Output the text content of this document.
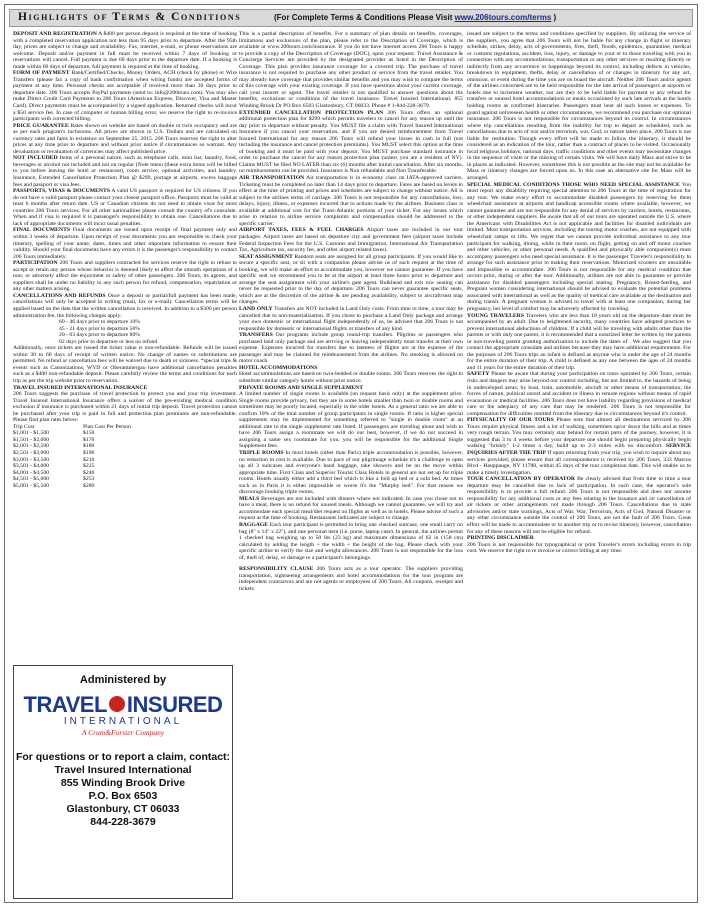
Highlights of Terms & Conditions	(For Complete Terms & Conditions Please Visit www.206tours.com/terms )

DEPOSIT AND REGISTRATION A $400 per person deposit is required at the time of booking with a completed reservation application not less than 95 days prior to departure. After the 95th day, prices are subject to change and availability. Fax, internet, e-mail, or phone reservations are welcome. Deposit and/or payment in full must be received within 7 days of booking or reservations will cancel. Full payment is due 60 days prior to the departure date. If a booking is made within 60 days of departure, full payment is required at the time of booking.

FORM OF PAYMENT Bank/Certified/Checks, Money Orders, ACH (check by phone) or Wire Transfers (please fax a copy of bank confirmation when wiring funds) are accepted forms of payment at any time. Personal checks are acceptable if received more than 30 days prior to departure date. 206 Tours accepts PayPal payments (send to: info@206tours.com). You may also make Direct Credit Card Payments to 206 Tours (American Express, Discover, Visa and Master Card). Direct payments must be accompanied by a signed application. Returned checks will incur a $50 service fee. In case of computer or human billing error, we reserve the right to re-invoice participants with corrected billing.

PRICE GUARANTEE Rates shown on website are based on double or twin occupancy and are as per each program's inclusions. All prices are shown in U.S. Dollars and are calculated on currency rates and fares in existence on September 25, 2015. 206 Tours reserves the right to alter prices at any time prior to departure and without prior notice if circumstances so warrant. Any devaluation or revaluation of currencies may affect published price.

NOT INCLUDED Items of a personal nature, such as telephone calls, mini bar, laundry, food, beverages or alcohol not included and not on regular (Note menu (these extra items will be billed to you before leaving the hotel or restaurant), room service, optional activities, and laundry. Insurance, Extended Cancellation Protection Plan @ $299, portage at airports, excess baggage fees and passport or visa fees.

PASSPORTS, VISAS & DOCUMENTS A valid US passport is required for US citizens. If you do not have a valid passport please contact your closest passport office. Passports must be valid at least 6 months after return date. US or Canadian citizens do not need to obtain visas for most countries 206 Tours services. For all other nationalities please consult the country of's consulate. When and if visa is required it is passenger's responsibility to obtain one. Cancellations due to lack of appropriate documents will incur usual penalties.

FINAL DOCUMENTS Final documents are issued upon receipt of final payment only and within 3 weeks of departure. Upon receipt of your documents you are responsible to check your itinerary, spelling of your name, dates, times and other important information to ensure their validity. Should your final documents have any errors it is the passenger's responsibility to contact 206 Tours immediately.

PARTICIPATION 206 Tours and suppliers contracted for services reserve the right to refuse to accept or retain any person whose behavior is deemed likely to affect the smooth operations of a tour, or adversely affect the enjoyment or safety of other passengers. 206 Tours, its agents, and suppliers shall be under no liability to any such person for refund, compensation, repatriation or any other matters arising.

CANCELLATIONS AND REFUNDS Once a deposit or partial/full payment has been made, cancellations will only be accepted in writing (mail, fax or e-mail). Cancellation terms will be applied based on the date that the written cancellation is received. In addition to a $300 per person administration fee, the following charges apply:

60 - 46 days prior to departure 10%
45 - 21 days prior to departure 50%
20 - 03 days prior to departure 80%
02 days prior to departure or less no refund

Additionally, once tickets are issued the ticket value is non-refundable. Refunds will be issued within 30 to 60 days of receipt of written notice. No change of names or substitutions are permitted. No refund or cancellation fees will be waived due to death or sickness. *special trips & events such as Canonizations, WYD or Oberammergau have additional cancellation penalties such as a $400 non-refundable deposit. Please carefully review the terms and conditions for each trip as per the trip website prior to reservation.

TRAVEL INSURED INTERNATIONAL INSURANCE
206 Tours suggests the purchase of travel protection to protect you and your trip investment. Travel Insured International Insurance offers a waiver of the pre-existing medical condition exclusion if insurance is purchased within 21 days of initial trip deposit. Travel protection cannot be purchased after your trip is paid in full and protection plan premiums are non-refundable. Please find plan rates below:

Trip Cost	Plan Cost Per Person
$1,001 - $1,500	$150
$1,501 - $2,000	$170
$2,001 - $2,500	$180
$2,501 - $3,000	$196
$3,001 - $3,500	$210
$3,501 - $4,000	$225
$4,001 - $4,500	$240
$4,501 - $5,000	$253
$5,001 - $5,500	$280
Administered by
TRAVEL INSURED
INTERNATIONAL
A Crum&Forster Company
For questions or to report a claim, contact:
Travel Insured International
855 Winding Brook Drive
P.O. Box 6503
Glastonbury, CT 06033
844-228-3679

This is a partial description of benefits. For a summary of plan details on benefits, coverages, limitations and exclusions of the plan, please refer to the Description of Coverage, which is available at www.206tours.com/insurance. If you do not have internet access 206 Tours is happy to provide a copy of the Description of Coverage (DOC), upon your request. Travel Assistance & Concierge Services are provided by the designated provider as listed in the Description of Coverage. This plan provides insurance coverage for a covered trip. The purchase of travel insurance is not required to purchase any other product or service from the travel retailer. You may already have coverage that provides similar benefits and you may wish to compare the terms of this coverage with your existing coverage. If you have questions about your current coverage, call your insurer or agent. The travel retailer is not qualified to answer questions about the benefits, exclusions or conditions of the travel insurance. Travel Insured International, 855 Winding Brook Dr PO Box 6503 Glastonbury, CT 06033. Phone # 1-844-228-3679.

EXTENDED CANCELLATION PROTECTION PLAN 206 Tours offers an optional additional protection plan for $299 which permits travelers to cancel for any reason up until the day prior to departure without penalty. You MUST file a claim with Travel Insured International Insurance if you cancel your reservation, and if you are denied reimbursement from Travel Insured International for any reason 206 Tours will refund your losses in cash in full (not including the insurance and cancel protection premiums). You MUST select this option at the time of booking and it must be paid with your deposit. You MUST purchase standard insurance in order to purchase the cancel for any reason protection plan (unless you are a resident of NY). Claims MUST be filed NO LATER than six (6) months after initial cancellation. After six months, no reimbursement can be provided. Insurance is Non refundable and Non Transferable.

AIR TRANSPORTATION Air transportation is in economy class on IATA-approved carriers. Ticketing must be completed no later than 14 days prior to departure. Fares are based on levels in effect at the time of printing and prices and schedules are subject to change without notice. All is subject to the airlines terms of carriage. 206 Tours is not responsible for any cancellations, loss, delays, injury, illness, or expenses incurred due to actions made by the airlines. Business class is available at additional cost for the Trans-Atlantic portions of your ticket. For any issues which arise in relation to airline service complaints and compensation should be addressed to the specific carrier.

AIRPORT TAXES, FEES & FUEL CHARGES Airport taxes are included in our tour packages. Airport taxes are based on departure city and government fees (airport taxes include Federal Inspection Fees for the U.S. Customs and Immigration, International Air Transportation Tax, Agriculture tax, security fee, and other airport related taxes).

SEAT ASSIGNMENT Random seats are assigned for all group participants. If you would like to secure a specific seat, or sit with a companion please advise us of such request at the time of booking, we will make an effort to accommodate you, however we cannot guarantee. If you have specific seat we recommend you to be at the airport at least three hours prior to departure and arrange the seat assignment with your airline's gate agent. Bulkhead and exit row seating can never be requested prior to the day of departure. 206 Tours can never guarantee specific seats, which are at the discretion of the airline & are pending availability, subject to aircraft/seat map changes.

LAND ONLY Transfers are NOT included in Land Only costs. From time to time, a tour may be cancelled due to non-materialization. If you chose to purchase a Land Only package and arrange your own domestic or international flight independently of us, be advised that 206 Tours is not responsible for domestic or international flights or transfers of any kind.

TRANSFERS Our programs include group round-trip transfers. Pilgrims or passengers who purchased land only package and are arriving or leaving independently must transfer at their own expense. Expenses incurred for transfers due to lateness of flights are at the expense of the passenger and may be claimed for reimbursement from the airlines. No smoking is allowed on motor coach.

HOTEL ACCOMMODATIONS
Hotel accommodations are based on twin-bedded or double rooms. 206 Tours reserves the right to substitute similar category hotels without prior notice.

PRIVATE ROOMS AND SINGLE SUPPLEMENT
A limited number of single rooms is available (on request basis only) at the supplement price. Single rooms provide privacy, but they are in some hotels smaller than twin or double rooms and sometimes may be poorly located, especially in the older hotels. As a general ratio we are able to confirm 10% of the total number of group participants in single rooms. If ratio is higher special supplements may be implemented for something referred to "single in double room" at an additional rate to the single supplement rate listed. If passengers are traveling alone and wish to have 206 Tours assign a roommate we will do our best, however, if we do not succeed in assigning a same sex roommate for you, you will be responsible for the additional Single Supplement fees.

TRIPLE ROOMS In most hotels (other than Paris) triple accommodation is possible, however, no reduction in cost is available. Due to pace of our pilgrimage schedule it's a challenge to open up all 3 suitcases and everyone's hand baggage, take showers and be on the move within appropriate time. First Class and Superior Tourist Class Hotels in general are not set up for triple rooms. Hotels usually either add a third bed which is like a fold up bed or a sofa bed. At times such as in Paris it is either impossible or worse it's the "Murphy bed". For that reason we discourage booking triple rooms.

MEALS Beverages are not included with dinners where not indicated. In case you chose not to have a meal, there is no refund for unused meals. Although we cannot guarantee, we will try and accommodate each special meal/diet request on flights as well as in hotels. Please advise of such a request at the time of booking. Restaurants indicated are subject to change.

BAGGAGE Each tour participant is permitted to bring one checked suitcase, one small carry on bag (8" x 14" x 22"), and one personal item (i.e. purse, laptop case). In general, the airlines permit 1 checked bag weighing up to 50 lbs (23 kg) and maximum dimensions of 62 in (158 cm) calculated by adding the length + the width + the height of the bag. Please check with your specific airline to verify the size and weight allowances. 206 Tours is not responsible for the loss of, theft of, delay, or damage to a participant's belongings.

RESPONSIBILITY CLAUSE 206 Tours acts as a tour operator. The suppliers providing transportation, sightseeing arrangements and hotel accommodations for the tour program are independent contractors and are not agents or employees of 206 Tours. All coupons, receipts and tickets

issued are subject to the terms and conditions specified by suppliers. By utilizing the service of the suppliers, you agree that 206 Tours will not be liable for any change in flight or itinerary schedule, strikes, delay, acts of governments, fires, theft, floods, epidemics, quarantine, medical or customs regulations, accident, loss, injury, or damage to your or to those traveling with you in connection with any accommodations, transportation or any other services or resulting directly or indirectly from any occurrence or happenings beyond its control, including defects in vehicles, breakdown in equipment, thefts, delay or cancellation of or changes in itinerary for any act, omission, or event during the time you are on board the aircraft. Neither 206 Tours and/or agents of the airlines concerned are to be held responsible for the late arrival of passengers at airports or hotels due to inclement weather, nor are they to be held liable for payment or any refund for transfers or unused hotel accommodations or meals occasioned by such late arrivals at the hotels holding rooms as confirmed itineraries. Passengers must bear all such losses or expenses. To guard against unforeseen health or other circumstances, we recommend you purchase our optional insurance. 206 Tours is not responsible for circumstances beyond its control. In circumstances where trip cancellations resulting from the inability for trip to depart as scheduled, such as cancellations due to acts of war and/or terrorism, war, God, or nature taken place, 206 Tours is not liable for restitution. Though every effort will be made to follow the itinerary, it should be considered as an indication of the tour, rather than a contract of places to be visited. Occasionally local religious holidays, national days, traffic conditions and other events may necessitate changes in the sequence of visits or the missing of certain visits. We will have daily Mass and strive to be in places as indicated. However, sometimes this is not possible as the site may not be available for Mass or itinerary changes are forced upon us. In this case an alternative site for Mass will be arranged.

SPECIAL MEDICAL CONDITIONS THOSE WHO NEED SPECIAL ASSISTANCE You must report any disability requiring special attention to 206 Tours at the time of registration for any tour. We make every effort to accommodate disabled passengers by reserving for them wheelchair assistance at airports and handicap accessible rooms where available, however, we cannot guarantee and are not responsible for any denial of services by carriers, hotels, restaurants, or other independent suppliers. Be aware that all of our tours are operated outside the U.S. where the Americans with Disabilities Act is not applicable and facilities for disabled individuals are limited. Most transportation services, including the touring motor coaches, are not equipped with wheelchair ramps or lifts. We regret that we cannot provide individual assistance to any tour participant for walking, dining, while in their room, on flight, getting on and off motor coaches and other vehicles, or other personal needs. A qualified and physically able companion(s) must accompany passengers who need special assistance. It is the passenger Traveler's responsibility to arrange for such assistance prior to making their reservations. Motorized scooters are unsuitable and impossible to accommodate. 206 Tours is not responsible for any medical condition that occurs prior, during or after the tour. Additionally, airlines are not able to guarantee or provide assistance for disabled passengers including special seating. Pregnancy, Breast-feeding, and Pregnant women considering international should be advised to evaluate the potential problems associated with international as well as the quality of medical care available at the destination and during transit. A pregnant woman is advised to travel with at least one companion, during her pregnancy, her level of comfort may be adversely affected by traveling.

YOUNG TRAVELERS Travelers who are less than 18 years old on the departure date must be accompanied by an adult. Due to heightened security, many countries have adopted practices to prevent international abductions of children. If a child will be traveling with adults other than the parents or with only one parent, it is recommended that a notarized letter be written by the parents or non-traveling parent granting authorization to include the dates of . We also suggest that you contact the appropriate consulate and airlines because they may have additional requirements. For the purposes of 206 Tours trips an infant is defined as anyone who is under the age of 24 months for the entire duration of their trip. A child is defined as any one between the ages of 24 months and 11 years for the entire duration of their trip.

SAFETY Please be aware that during your participation on tours operated by 206 Tours, certain risks and dangers may arise beyond our control including, but not limited to, the hazards of being in undeveloped areas; by boat, train, automobile, aircraft or other means of transportation; the forces of nature, political unrest and accident or illness in remote regions without means of rapid evacuation or medical facilities. 206 Tours does not have liability regarding provisions of medical care or the adequacy of any care that may be rendered. 206 Tours is not responsible for compensation for difficulties omitted from the itinerary due to circumstances beyond it's control.

PHYSICALITY OF OUR TOURS Please note that almost all destinations serviced by 206 Tours require physical fitness and a lot of walking, sometimes up/or down the hills and at times very rough terrain. You may certainly stay behind for certain parts of the journey, however, it is suggested that 3 to 4 weeks before your departure one should begin preparing physically begin walking "briskly" 1-2 times a day, build up to 2-3 miles with no discomfort. SERVICE INQUIRIES AFTER THE TRIP If upon returning from your trip, you wish to inquire about any services provided, please ensure that all correspondence is received by 206 Tours, 333 Marcus Blvd - Hauppauge, NY 11788, within 45 days of the tour completion date. This will enable us to make a timely investigation.

TOUR CANCELLATION BY OPERATOR Be clearly advised that from time to time a tour departure may be cancelled due to lack of participation. In such case, the operator's sole responsibility is to provide a full refund. 206 Tours is not responsible and does not assume responsibility for any additional costs or any fees relating to the issuance and /or cancellation of air tickets or other arrangements not made through 206 Tours. Cancellations due to state advisories and/or state warnings, Acts of War, War, Terrorism, Acts of God, Natural Disaster or any other circumstance outside the control of 206 Tours, are not the fault of 206 Tours. Great effort will be made to accommodate or to another trip or to revise itinerary, however, cancellation for any of these reasons will not be eligible for refund.

PRINTING DISCLAIMER
206 Tours is not responsible for typographical or print Traveler's errors including errors in trip cost. We reserve the right to re invoice or correct billing at any time.
